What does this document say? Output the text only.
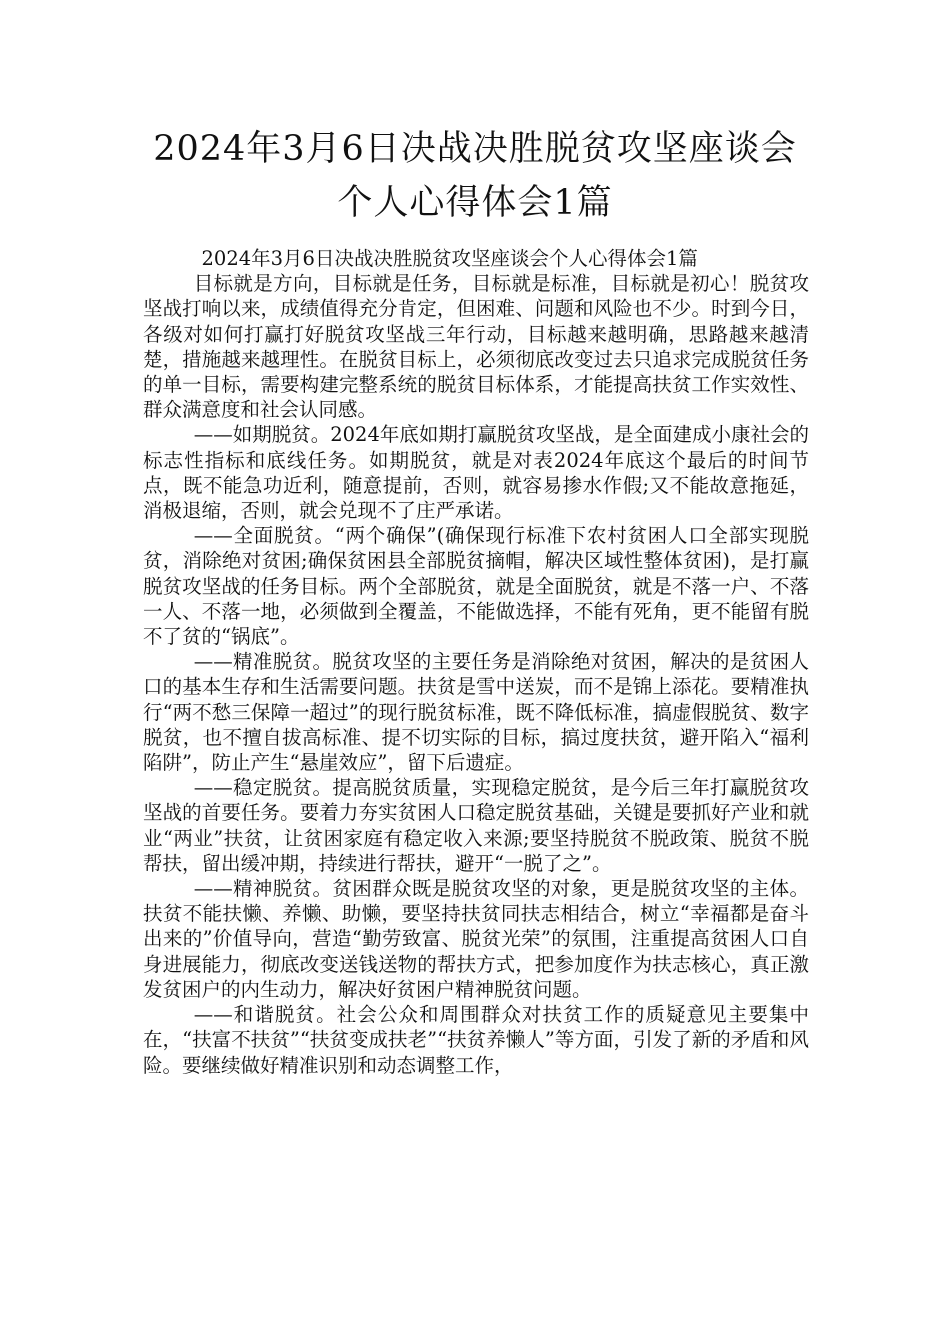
2024年3月6日决战决胜脱贫攻坚座谈会
个人心得体会1篇

2024年3月6日决战决胜脱贫攻坚座谈会个人心得体会1篇

目标就是方向，目标就是任务，目标就是标准，目标就是初心！脱贫攻坚战打响以来，成绩值得充分肯定，但困难、问题和风险也不少。时到今日，各级对如何打赢打好脱贫攻坚战三年行动，目标越来越明确，思路越来越清楚，措施越来越理性。在脱贫目标上，必须彻底改变过去只追求完成脱贫任务的单一目标，需要构建完整系统的脱贫目标体系，才能提高扶贫工作实效性、群众满意度和社会认同感。

——如期脱贫。2024年底如期打赢脱贫攻坚战，是全面建成小康社会的标志性指标和底线任务。如期脱贫，就是对表2024年底这个最后的时间节点，既不能急功近利，随意提前，否则，就容易掺水作假;又不能故意拖延，消极退缩，否则，就会兑现不了庄严承诺。

——全面脱贫。“两个确保”(确保现行标准下农村贫困人口全部实现脱贫，消除绝对贫困;确保贫困县全部脱贫摘帽，解决区域性整体贫困)，是打赢脱贫攻坚战的任务目标。两个全部脱贫，就是全面脱贫，就是不落一户、不落一人、不落一地，必须做到全覆盖，不能做选择，不能有死角，更不能留有脱不了贫的“锅底”。

——精准脱贫。脱贫攻坚的主要任务是消除绝对贫困，解决的是贫困人口的基本生存和生活需要问题。扶贫是雪中送炭，而不是锦上添花。要精准执行“两不愁三保障一超过”的现行脱贫标准，既不降低标准，搞虚假脱贫、数字脱贫，也不擅自拔高标准、提不切实际的目标，搞过度扶贫，避开陷入“福利陷阱”，防止产生“悬崖效应”，留下后遗症。

——稳定脱贫。提高脱贫质量，实现稳定脱贫，是今后三年打赢脱贫攻坚战的首要任务。要着力夯实贫困人口稳定脱贫基础，关键是要抓好产业和就业“两业”扶贫，让贫困家庭有稳定收入来源;要坚持脱贫不脱政策、脱贫不脱帮扶，留出缓冲期，持续进行帮扶，避开“一脱了之”。

——精神脱贫。贫困群众既是脱贫攻坚的对象，更是脱贫攻坚的主体。扶贫不能扶懒、养懒、助懒，要坚持扶贫同扶志相结合，树立“幸福都是奋斗出来的”价值导向，营造“勤劳致富、脱贫光荣”的氛围，注重提高贫困人口自身进展能力，彻底改变送钱送物的帮扶方式，把参加度作为扶志核心，真正激发贫困户的内生动力，解决好贫困户精神脱贫问题。

——和谐脱贫。社会公众和周围群众对扶贫工作的质疑意见主要集中在，“扶富不扶贫”“扶贫变成扶老”“扶贫养懒人”等方面，引发了新的矛盾和风险。要继续做好精准识别和动态调整工作，
